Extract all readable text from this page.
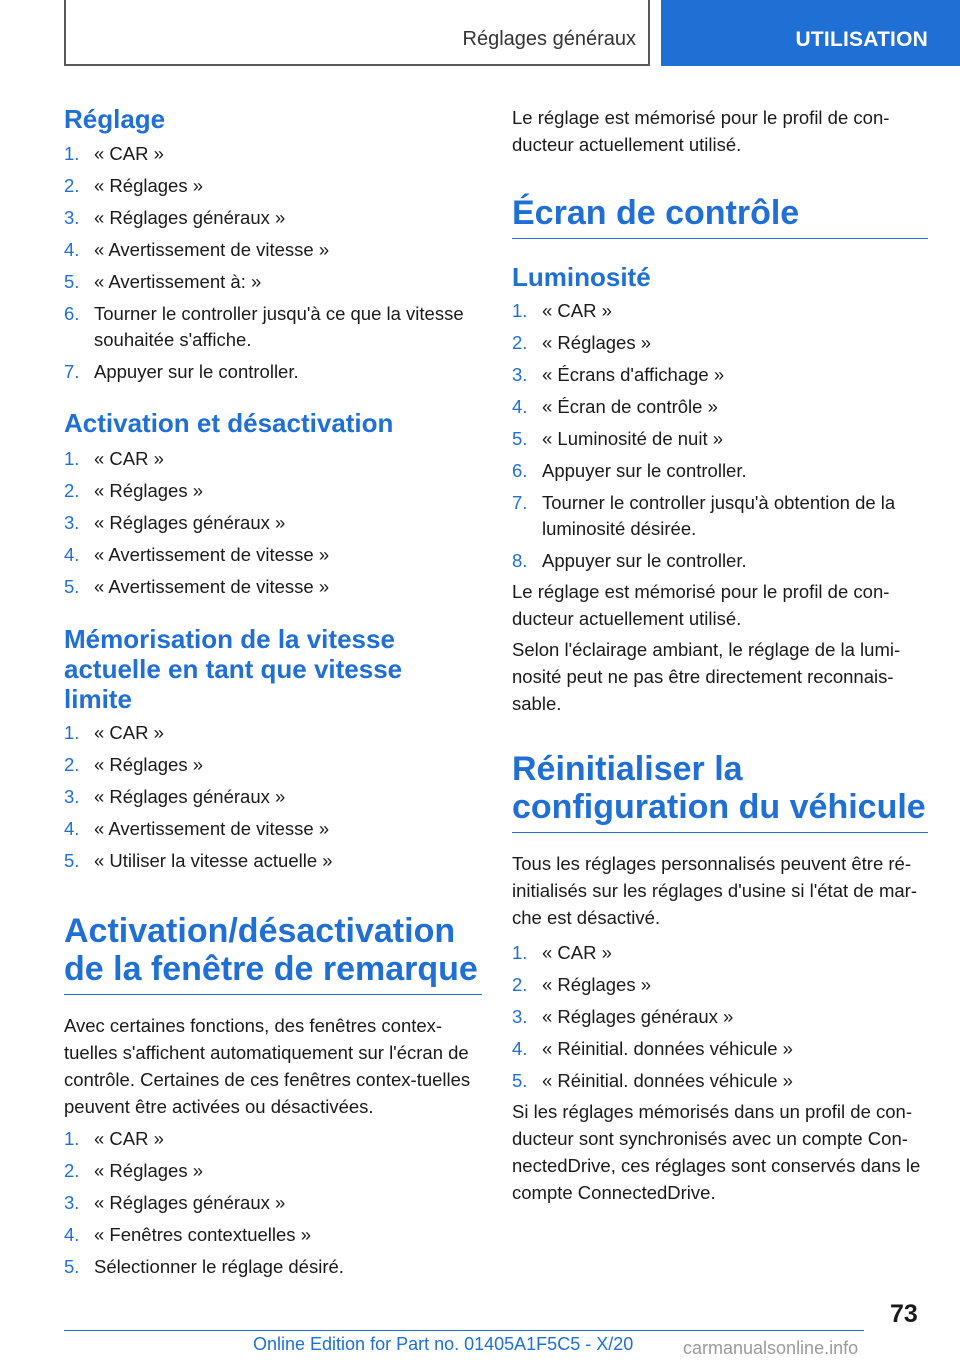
Réglages généraux	UTILISATION
Réglage
1. « CAR »
2. « Réglages »
3. « Réglages généraux »
4. « Avertissement de vitesse »
5. « Avertissement à: »
6. Tourner le controller jusqu'à ce que la vitesse souhaitée s'affiche.
7. Appuyer sur le controller.
Activation et désactivation
1. « CAR »
2. « Réglages »
3. « Réglages généraux »
4. « Avertissement de vitesse »
5. « Avertissement de vitesse »
Mémorisation de la vitesse actuelle en tant que vitesse limite
1. « CAR »
2. « Réglages »
3. « Réglages généraux »
4. « Avertissement de vitesse »
5. « Utiliser la vitesse actuelle »
Activation/désactivation de la fenêtre de remarque
Avec certaines fonctions, des fenêtres contex-tuelles s'affichent automatiquement sur l'écran de contrôle. Certaines de ces fenêtres contex-tuelles peuvent être activées ou désactivées.
1. « CAR »
2. « Réglages »
3. « Réglages généraux »
4. « Fenêtres contextuelles »
5. Sélectionner le réglage désiré.
Le réglage est mémorisé pour le profil de con-ducteur actuellement utilisé.
Écran de contrôle
Luminosité
1. « CAR »
2. « Réglages »
3. « Écrans d'affichage »
4. « Écran de contrôle »
5. « Luminosité de nuit »
6. Appuyer sur le controller.
7. Tourner le controller jusqu'à obtention de la luminosité désirée.
8. Appuyer sur le controller.
Le réglage est mémorisé pour le profil de con-ducteur actuellement utilisé.
Selon l'éclairage ambiant, le réglage de la lumi-nosité peut ne pas être directement reconnais-sable.
Réinitialiser la configuration du véhicule
Tous les réglages personnalisés peuvent être ré-initialisés sur les réglages d'usine si l'état de mar-che est désactivé.
1. « CAR »
2. « Réglages »
3. « Réglages généraux »
4. « Réinitial. données véhicule »
5. « Réinitial. données véhicule »
Si les réglages mémorisés dans un profil de con-ducteur sont synchronisés avec un compte Con-nectedDrive, ces réglages sont conservés dans le compte ConnectedDrive.
73
Online Edition for Part no. 01405A1F5C5 - X/20	carmanualsonline.info
